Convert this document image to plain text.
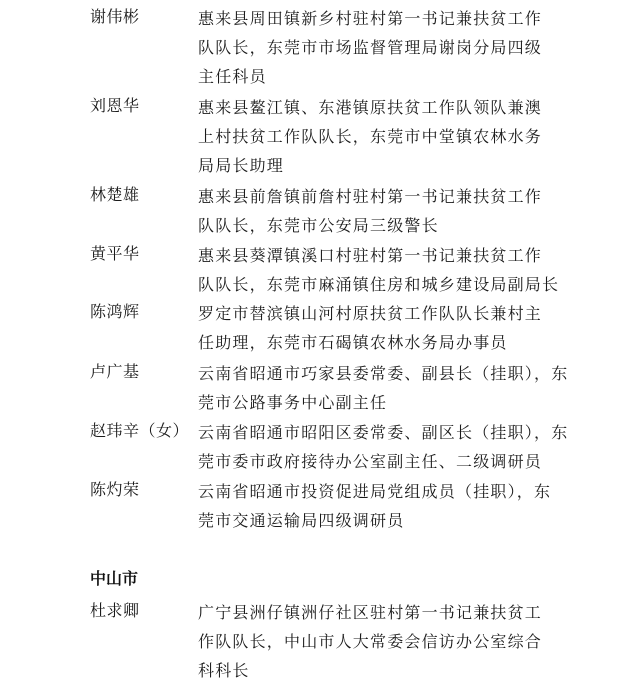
谢伟彬	惠来县周田镇新乡村驻村第一书记兼扶贫工作
队队长，东莞市市场监督管理局谢岗分局四级
主任科员
刘恩华	惠来县鳌江镇、东港镇原扶贫工作队领队兼澳
上村扶贫工作队队长，东莞市中堂镇农林水务
局局长助理
林楚雄	惠来县前詹镇前詹村驻村第一书记兼扶贫工作
队队长，东莞市公安局三级警长
黄平华	惠来县葵潭镇溪口村驻村第一书记兼扶贫工作
队队长，东莞市麻涌镇住房和城乡建设局副局长
陈鸿辉	罗定市替滨镇山河村原扶贫工作队队长兼村主
任助理，东莞市石碣镇农林水务局办事员
卢广基	云南省昭通市巧家县委常委、副县长（挂职），东
莞市公路事务中心副主任
赵玮辛（女） 云南省昭通市昭阳区委常委、副区长（挂职），东
莞市委市政府接待办公室副主任、二级调研员
陈灼荣	云南省昭通市投资促进局党组成员（挂职），东
莞市交通运输局四级调研员
中山市
杜求卿	广宁县洲仔镇洲仔社区驻村第一书记兼扶贫工
作队队长，中山市人大常委会信访办公室综合
科科长
